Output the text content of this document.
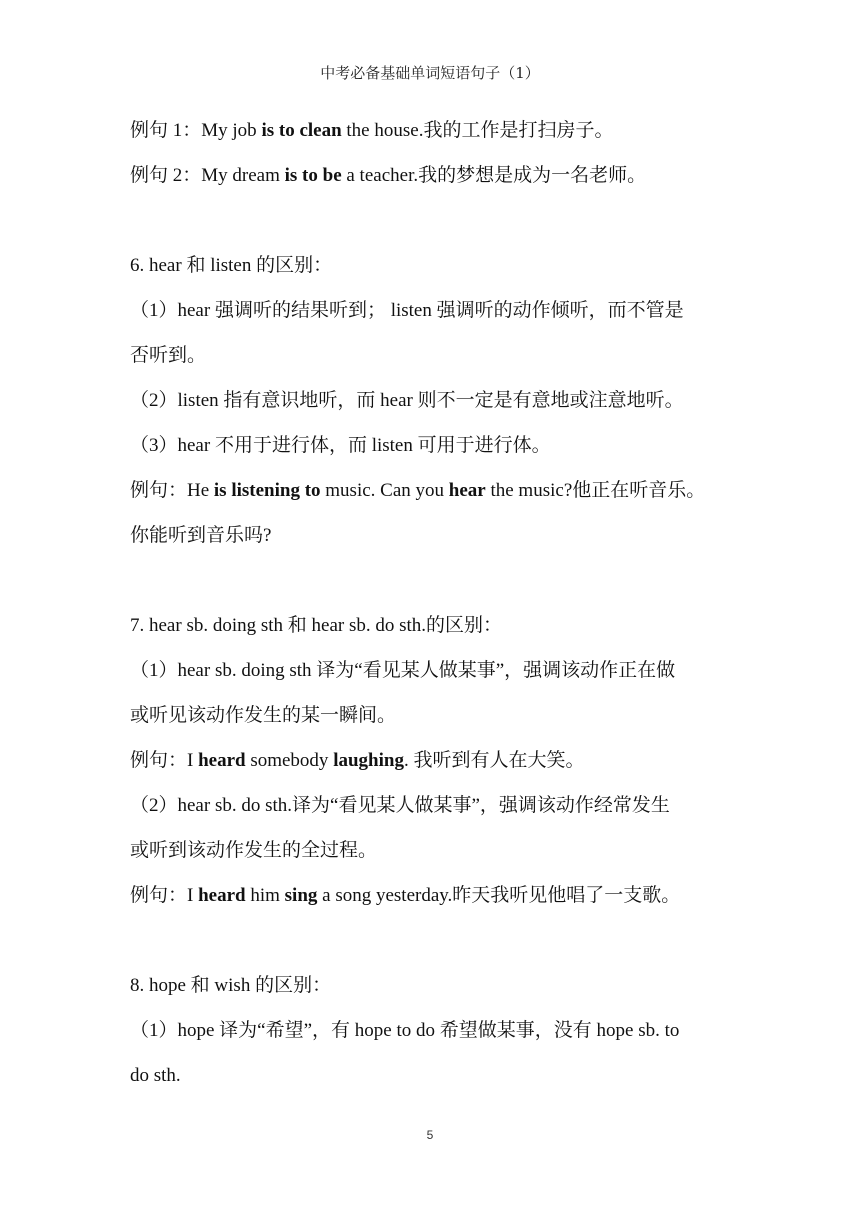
中考必备基础单词短语句子（1）
例句 1：My job is to clean the house.我的工作是打扫房子。
例句 2：My dream is to be a teacher.我的梦想是成为一名老师。
6. hear 和 listen 的区别：
（1）hear 强调听的结果听到； listen 强调听的动作倾听，而不管是
否听到。
（2）listen 指有意识地听，而 hear 则不一定是有意地或注意地听。
（3）hear 不用于进行体，而 listen 可用于进行体。
例句：He is listening to music. Can you hear the music?他正在听音乐。
你能听到音乐吗?
7. hear sb. doing sth 和 hear sb. do sth.的区别：
（1）hear sb. doing sth 译为“看见某人做某事”，强调该动作正在做
或听见该动作发生的某一瞬间。
例句：I heard somebody laughing. 我听到有人在大笑。
（2）hear sb. do sth.译为“看见某人做某事”，强调该动作经常发生
或听到该动作发生的全过程。
例句：I heard him sing a song yesterday.昨天我听见他唱了一支歌。
8. hope 和 wish 的区别：
（1）hope 译为“希望”，有 hope to do 希望做某事，没有 hope sb. to
do sth.
5
